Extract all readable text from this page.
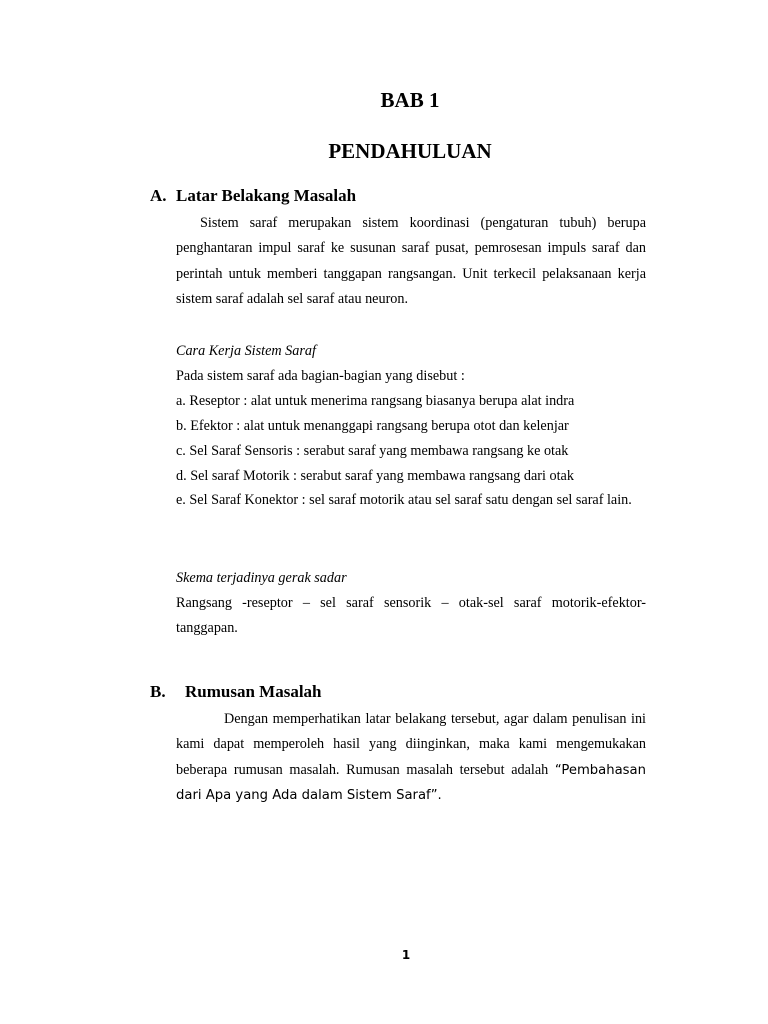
BAB 1
PENDAHULUAN
A. Latar Belakang Masalah

Sistem saraf merupakan sistem koordinasi (pengaturan tubuh) berupa penghantaran impul saraf ke susunan saraf pusat, pemrosesan impuls saraf dan perintah untuk memberi tanggapan rangsangan. Unit terkecil pelaksanaan kerja sistem saraf adalah sel saraf atau neuron.

Cara Kerja Sistem Saraf

Pada sistem saraf ada bagian-bagian yang disebut :

a. Reseptor : alat untuk menerima rangsang biasanya berupa alat indra

b. Efektor : alat untuk menanggapi rangsang berupa otot dan kelenjar

c. Sel Saraf Sensoris : serabut saraf yang membawa rangsang ke otak

d. Sel saraf Motorik : serabut saraf yang membawa rangsang dari otak

e. Sel Saraf Konektor : sel saraf motorik atau sel saraf satu dengan sel saraf lain.

Skema terjadinya gerak sadar

Rangsang -reseptor – sel saraf sensorik – otak-sel saraf motorik-efektor-tanggapan.

B. Rumusan Masalah

Dengan memperhatikan latar belakang tersebut, agar dalam penulisan ini kami dapat memperoleh hasil yang diinginkan, maka kami mengemukakan beberapa rumusan masalah. Rumusan masalah tersebut adalah “Pembahasan dari Apa yang Ada dalam Sistem Saraf”.

1
